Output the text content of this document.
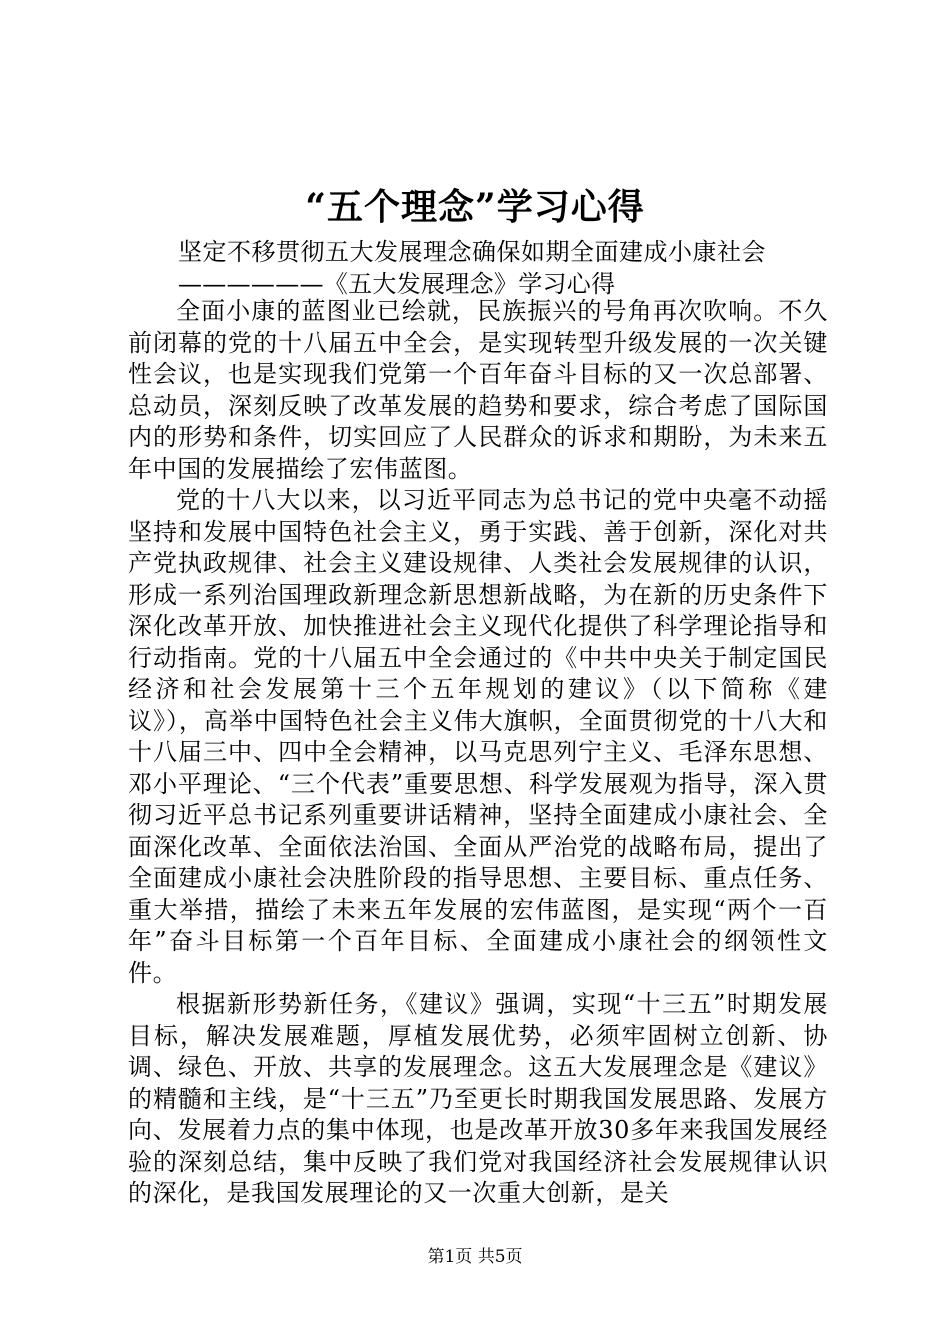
“五个理念”学习心得
坚定不移贯彻五大发展理念确保如期全面建成小康社会
——————《五大发展理念》学习心得

全面小康的蓝图业已绘就，民族振兴的号角再次吹响。不久前闭幕的党的十八届五中全会，是实现转型升级发展的一次关键性会议，也是实现我们党第一个百年奋斗目标的又一次总部署、总动员，深刻反映了改革发展的趋势和要求，综合考虑了国际国内的形势和条件，切实回应了人民群众的诉求和期盼，为未来五年中国的发展描绘了宏伟蓝图。

党的十八大以来，以习近平同志为总书记的党中央毫不动摇坚持和发展中国特色社会主义，勇于实践、善于创新，深化对共产党执政规律、社会主义建设规律、人类社会发展规律的认识，形成一系列治国理政新理念新思想新战略，为在新的历史条件下深化改革开放、加快推进社会主义现代化提供了科学理论指导和行动指南。党的十八届五中全会通过的《中共中央关于制定国民经济和社会发展第十三个五年规划的建议》（以下简称《建议》），高举中国特色社会主义伟大旗帜，全面贯彻党的十八大和十八届三中、四中全会精神，以马克思列宁主义、毛泽东思想、邓小平理论、“三个代表”重要思想、科学发展观为指导，深入贯彻习近平总书记系列重要讲话精神，坚持全面建成小康社会、全面深化改革、全面依法治国、全面从严治党的战略布局，提出了全面建成小康社会决胜阶段的指导思想、主要目标、重点任务、重大举措，描绘了未来五年发展的宏伟蓝图，是实现“两个一百年”奋斗目标第一个百年目标、全面建成小康社会的纲领性文件。

根据新形势新任务，《建议》强调，实现“十三五”时期发展目标，解决发展难题，厚植发展优势，必须牢固树立创新、协调、绿色、开放、共享的发展理念。这五大发展理念是《建议》的精髓和主线，是“十三五”乃至更长时期我国发展思路、发展方向、发展着力点的集中体现，也是改革开放30多年来我国发展经验的深刻总结，集中反映了我们党对我国经济社会发展规律认识的深化，是我国发展理论的又一次重大创新，是关

第1页 共5页
